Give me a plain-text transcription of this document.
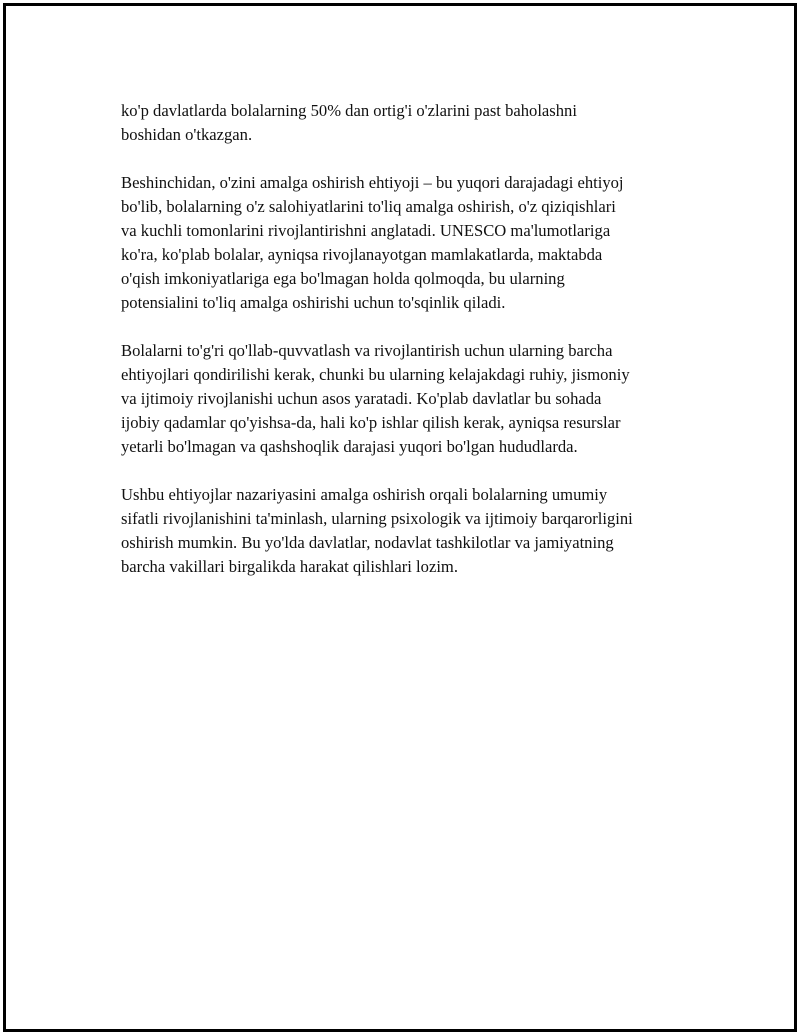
ko'p davlatlarda bolalarning 50% dan ortig'i o'zlarini past baholashni
boshidan o'tkazgan.

Beshinchidan, o'zini amalga oshirish ehtiyoji – bu yuqori darajadagi ehtiyoj
bo'lib, bolalarning o'z salohiyatlarini to'liq amalga oshirish, o'z qiziqishlari
va kuchli tomonlarini rivojlantirishni anglatadi. UNESCO ma'lumotlariga
ko'ra, ko'plab bolalar, ayniqsa rivojlanayotgan mamlakatlarda, maktabda
o'qish imkoniyatlariga ega bo'lmagan holda qolmoqda, bu ularning
potensialini to'liq amalga oshirishi uchun to'sqinlik qiladi.

Bolalarni to'g'ri qo'llab-quvvatlash va rivojlantirish uchun ularning barcha
ehtiyojlari qondirilishi kerak, chunki bu ularning kelajakdagi ruhiy, jismoniy
va ijtimoiy rivojlanishi uchun asos yaratadi. Ko'plab davlatlar bu sohada
ijobiy qadamlar qo'yishsa-da, hali ko'p ishlar qilish kerak, ayniqsa resurslar
yetarli bo'lmagan va qashshoqlik darajasi yuqori bo'lgan hududlarda.

Ushbu ehtiyojlar nazariyasini amalga oshirish orqali bolalarning umumiy
sifatli rivojlanishini ta'minlash, ularning psixologik va ijtimoiy barqarorligini
oshirish mumkin. Bu yo'lda davlatlar, nodavlat tashkilotlar va jamiyatning
barcha vakillari birgalikda harakat qilishlari lozim.
